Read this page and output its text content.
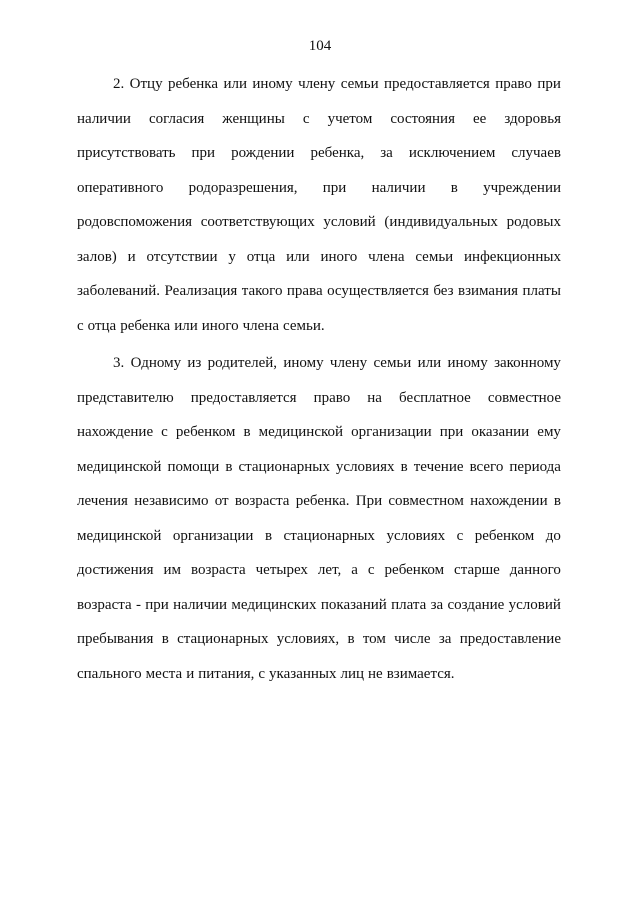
104
2. Отцу ребенка или иному члену семьи предоставляется право при
наличии согласия женщины с учетом состояния ее здоровья
присутствовать при рождении ребенка, за исключением случаев
оперативного родоразрешения, при наличии в учреждении
родовспоможения соответствующих условий (индивидуальных родовых
залов) и отсутствии у отца или иного члена семьи инфекционных
заболеваний. Реализация такого права осуществляется без взимания платы
с отца ребенка или иного члена семьи.
3. Одному из родителей, иному члену семьи или иному законному
представителю предоставляется право на бесплатное совместное
нахождение с ребенком в медицинской организации при оказании ему
медицинской помощи в стационарных условиях в течение всего периода
лечения независимо от возраста ребенка. При совместном нахождении в
медицинской организации в стационарных условиях с ребенком до
достижения им возраста четырех лет, а с ребенком старше данного
возраста - при наличии медицинских показаний плата за создание условий
пребывания в стационарных условиях, в том числе за предоставление
спального места и питания, с указанных лиц не взимается.
